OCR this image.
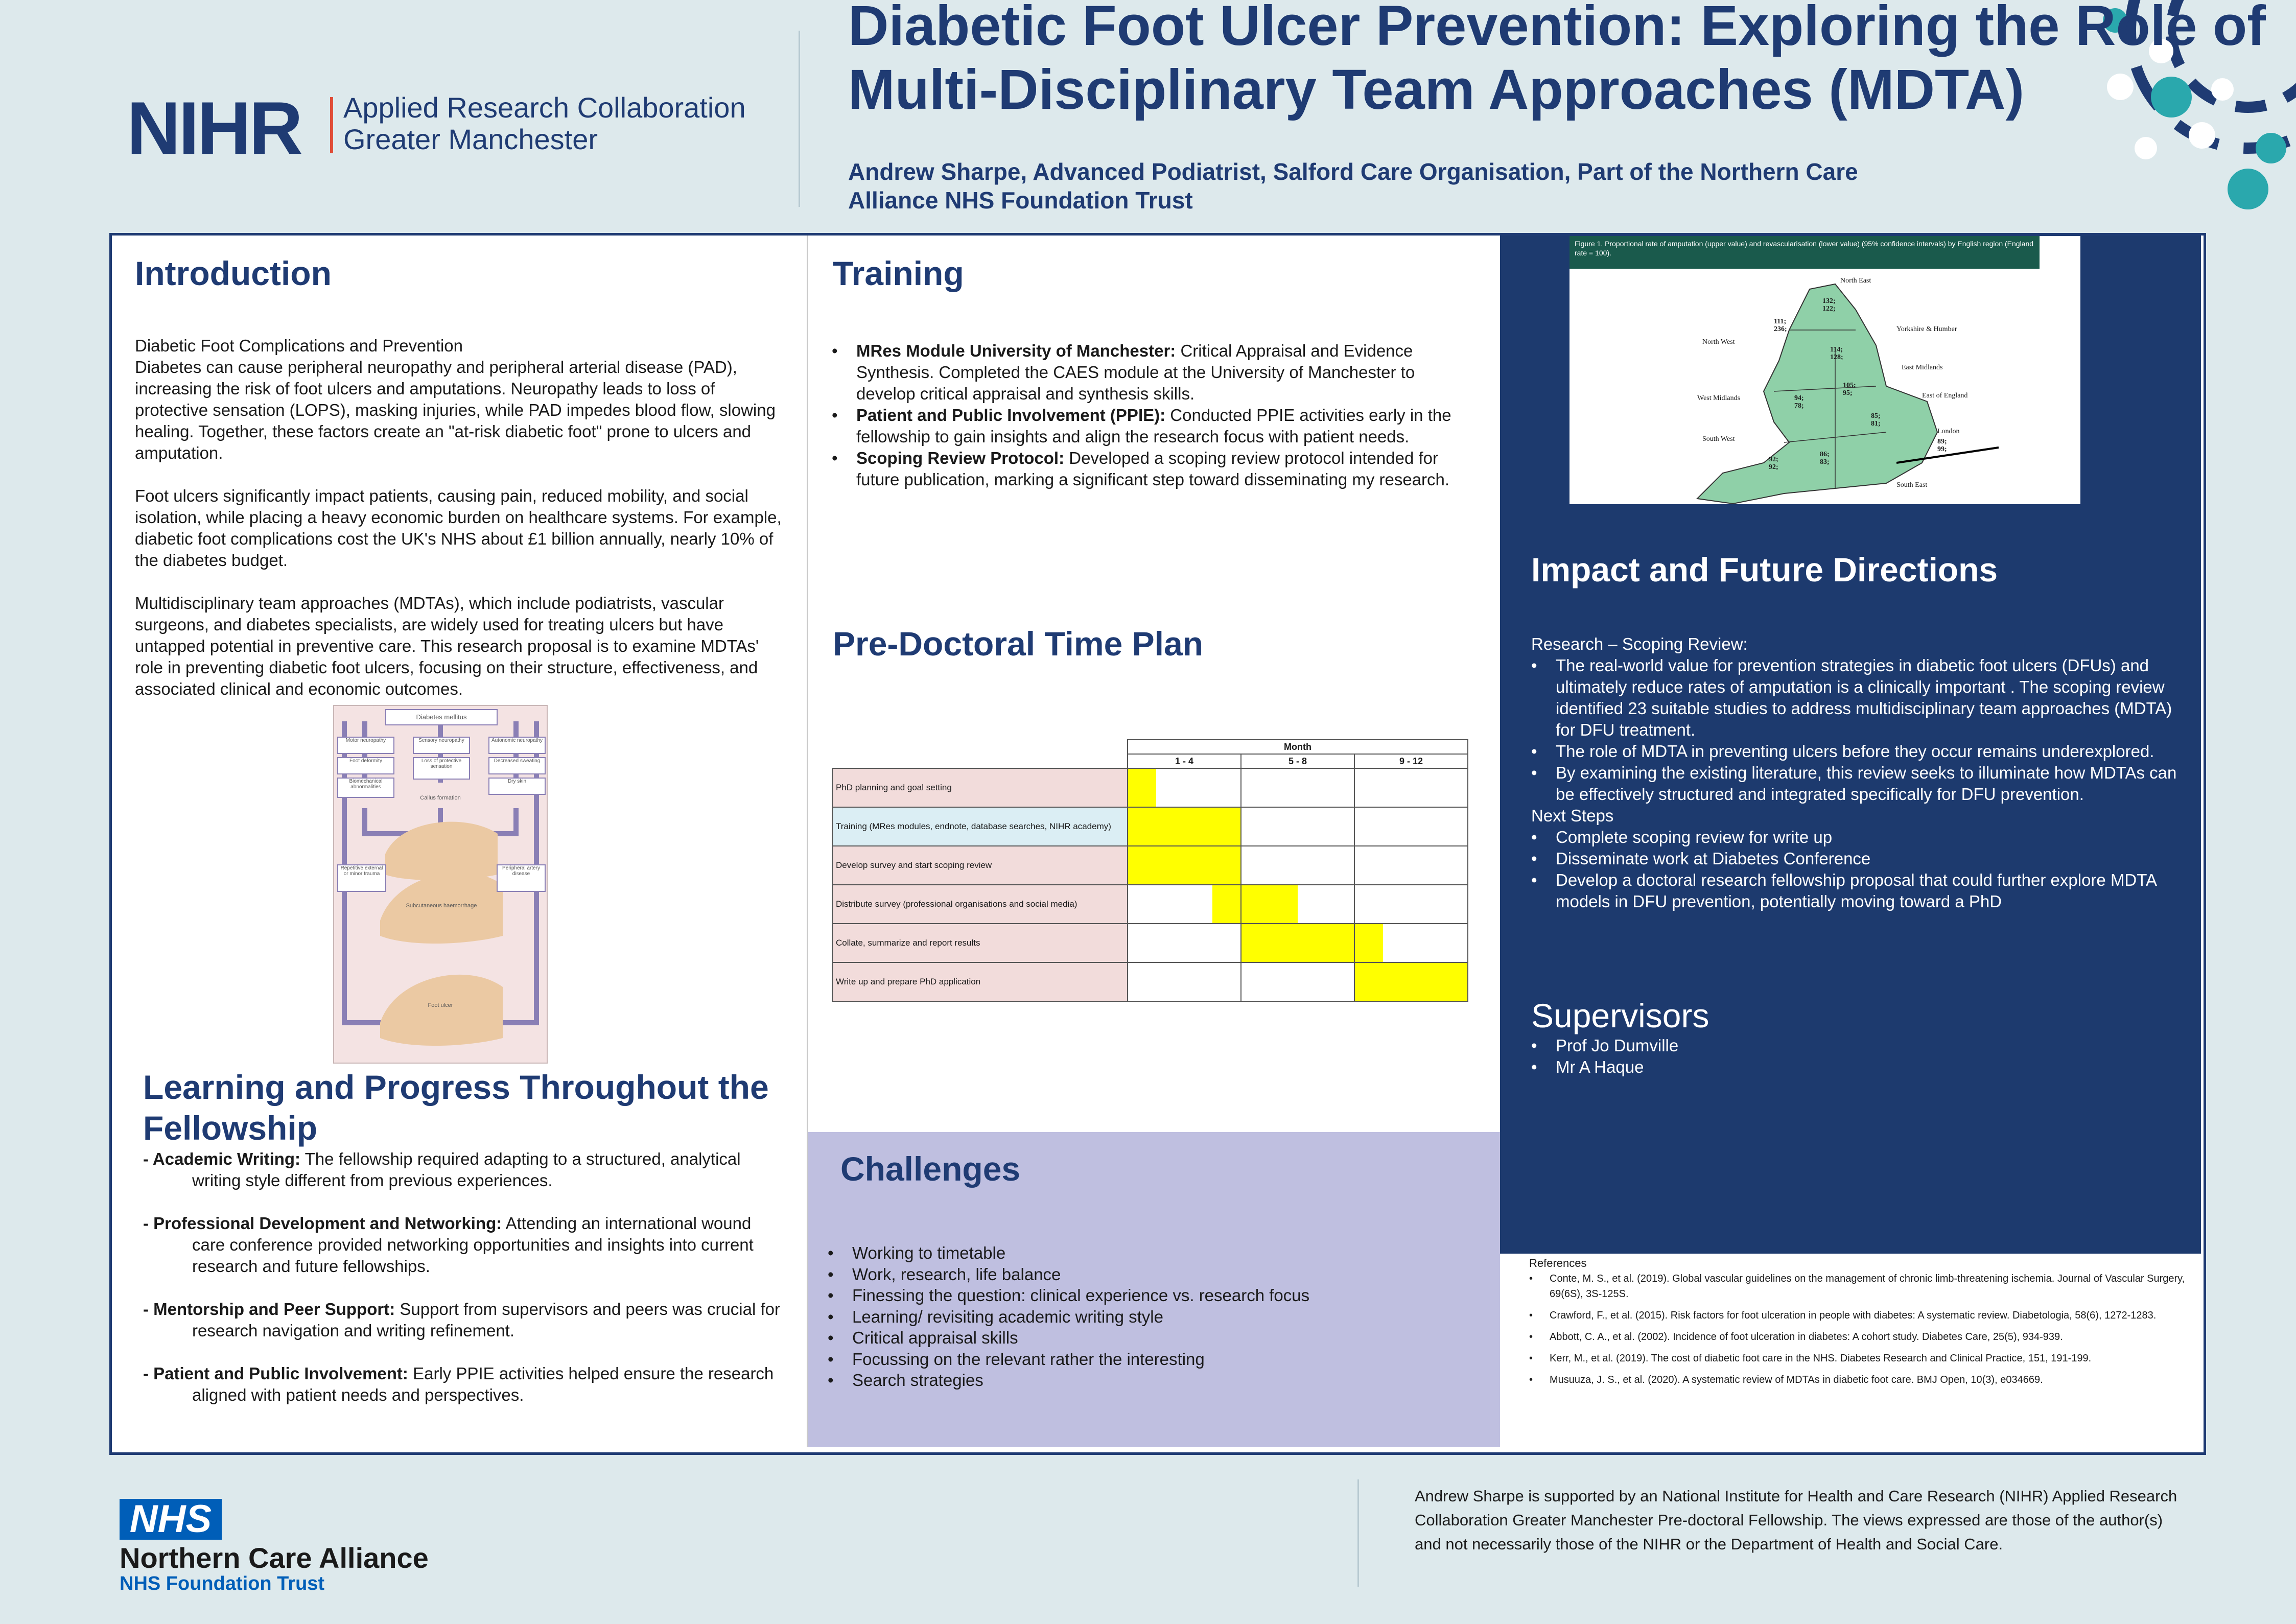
NIHR Applied Research Collaboration
Greater Manchester
Diabetic Foot Ulcer Prevention: Exploring the Role of Multi-Disciplinary Team Approaches (MDTA)
Andrew Sharpe, Advanced Podiatrist, Salford Care Organisation, Part of the Northern Care Alliance NHS Foundation Trust
Introduction
Diabetic Foot Complications and Prevention

Diabetes can cause peripheral neuropathy and peripheral arterial disease (PAD), increasing the risk of foot ulcers and amputations. Neuropathy leads to loss of protective sensation (LOPS), masking injuries, while PAD impedes blood flow, slowing healing. Together, these factors create an "at-risk diabetic foot" prone to ulcers and amputation.

Foot ulcers significantly impact patients, causing pain, reduced mobility, and social isolation, while placing a heavy economic burden on healthcare systems. For example, diabetic foot complications cost the UK's NHS about £1 billion annually, nearly 10% of the diabetes budget.

Multidisciplinary team approaches (MDTAs), which include podiatrists, vascular surgeons, and diabetes specialists, are widely used for treating ulcers but have untapped potential in preventive care. This research proposal is to examine MDTAs' role in preventing diabetic foot ulcers, focusing on their structure, effectiveness, and associated clinical and economic outcomes.

Diabetes mellitus
Motor neuropathy	Sensory neuropathy	Autonomic neuropathy
Foot deformity	Loss of protective sensation
Decreased sweating
Biomechanical abnormalities
Dry skin
Callus formation
Repetitive external or minor trauma
Peripheral artery disease
Subcutaneous haemorrhage
Foot ulcer
Learning and Progress Throughout the Fellowship
- Academic Writing: The fellowship required adapting to a structured, analytical writing style different from previous experiences.
- Professional Development and Networking: Attending an international wound care conference provided networking opportunities and insights into current research and future fellowships.
- Mentorship and Peer Support: Support from supervisors and peers was crucial for research navigation and writing refinement.
- Patient and Public Involvement: Early PPIE activities helped ensure the research aligned with patient needs and perspectives.
Training
• MRes Module University of Manchester: Critical Appraisal and Evidence Synthesis. Completed the CAES module at the University of Manchester to develop critical appraisal and synthesis skills.
• Patient and Public Involvement (PPIE): Conducted PPIE activities early in the fellowship to gain insights and align the research focus with patient needs.
• Scoping Review Protocol: Developed a scoping review protocol intended for future publication, marking a significant step toward disseminating my research.
Pre-Doctoral Time Plan
	Month		
	1 - 4	5 - 8	9 - 12
PhD planning and goal setting	

Training (MRes modules, endnote, database searches, NIHR academy)	

Develop survey and start scoping review	

Distribute survey (professional organisations and social media)	

Collate, summarize and report results		

Write up and prepare PhD application			
Challenges
• Working to timetable
• Work, research, life balance
• Finessing the question: clinical experience vs. research focus
• Learning/ revisiting academic writing style
• Critical appraisal skills
• Focussing on the relevant rather the interesting
• Search strategies
Figure 1. Proportional rate of amputation (upper value) and revascularisation (lower value) (95% confidence intervals) by English region (England rate = 100).
North East
North West
Yorkshire & Humber
East Midlands
West Midlands	East of England
South West
London
South East
132;
122;
111;
236;
114;
128;
105;
95;
94;
78;
85;
81;
86;
83;
92;
92;
89;
99;
Impact and Future Directions
Research – Scoping Review:
• The real-world value for prevention strategies in diabetic foot ulcers (DFUs) and ultimately reduce rates of amputation is a clinically important . The scoping review identified 23 suitable studies to address multidisciplinary team approaches (MDTA) for DFU treatment.
• The role of MDTA in preventing ulcers before they occur remains underexplored.
• By examining the existing literature, this review seeks to illuminate how MDTAs can be effectively structured and integrated specifically for DFU prevention.
Next Steps
• Complete scoping review for write up
• Disseminate work at Diabetes Conference
• Develop a doctoral research fellowship proposal that could further explore MDTA models in DFU prevention, potentially moving toward a PhD
Supervisors
• Prof Jo Dumville
• Mr A Haque
References
• Conte, M. S., et al. (2019). Global vascular guidelines on the management of chronic limb-threatening ischemia. Journal of Vascular Surgery, 69(6S), 3S-125S.
• Crawford, F., et al. (2015). Risk factors for foot ulceration in people with diabetes: A systematic review. Diabetologia, 58(6), 1272-1283.
• Abbott, C. A., et al. (2002). Incidence of foot ulceration in diabetes: A cohort study. Diabetes Care, 25(5), 934-939.
• Kerr, M., et al. (2019). The cost of diabetic foot care in the NHS. Diabetes Research and Clinical Practice, 151, 191-199.
• Musuuza, J. S., et al. (2020). A systematic review of MDTAs in diabetic foot care. BMJ Open, 10(3), e034669.
NHS
Northern Care Alliance
NHS Foundation Trust
Andrew Sharpe is supported by an National Institute for Health and Care Research (NIHR) Applied Research Collaboration Greater Manchester Pre-doctoral Fellowship. The views expressed are those of the author(s) and not necessarily those of the NIHR or the Department of Health and Social Care.
